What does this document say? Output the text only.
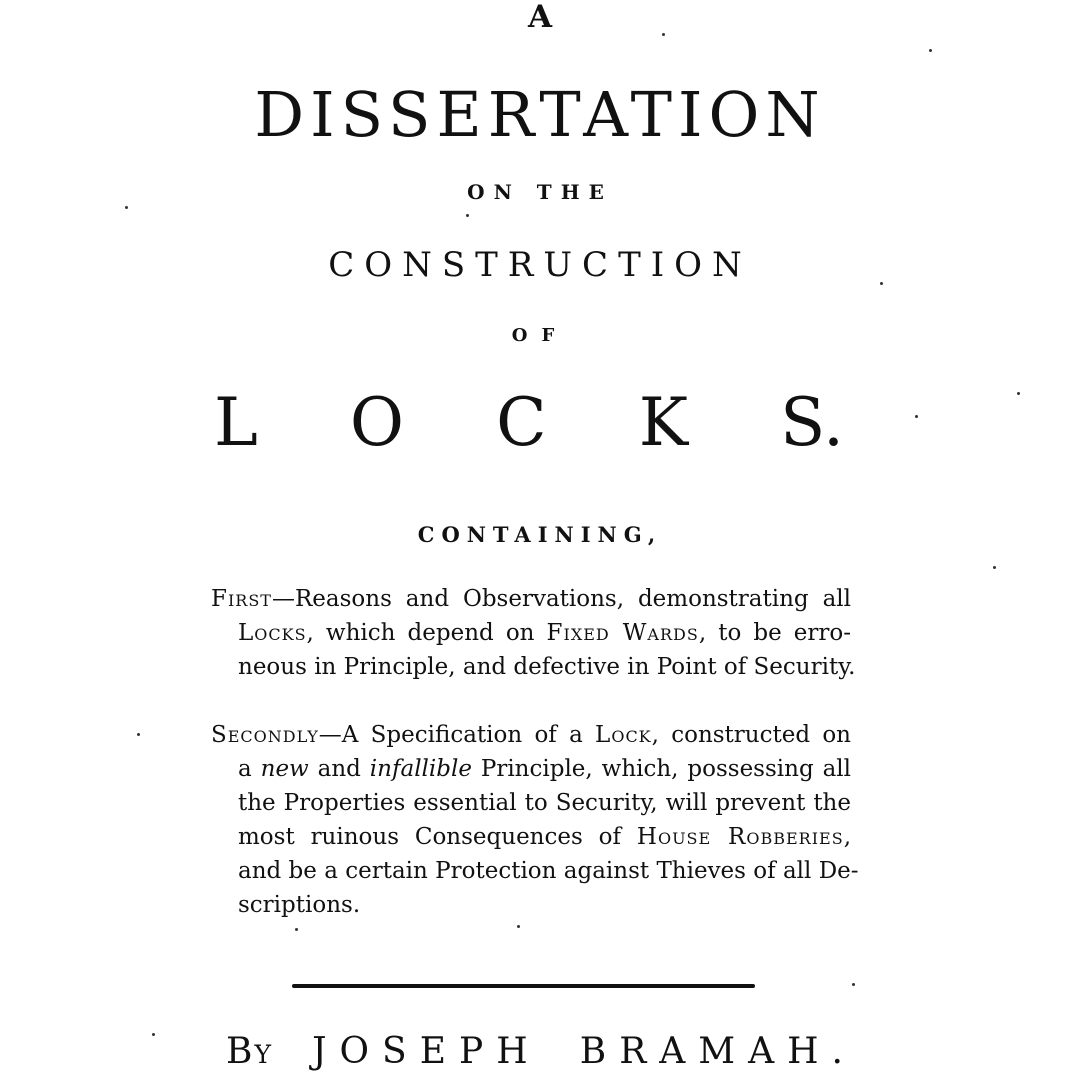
A
DISSERTATION
ON THE
CONSTRUCTION
OF
L O C K S.
CONTAINING,
First—Reasons and Observations, demonstrating all
Locks, which depend on Fixed Wards, to be erro-
neous in Principle, and defective in Point of Security.
Secondly—A Specification of a Lock, constructed on
a new and infallible Principle, which, possessing all
the Properties essential to Security, will prevent the
most ruinous Consequences of House Robberies,
and be a certain Protection against Thieves of all De-
scriptions.
By JOSEPH BRAMAH.
